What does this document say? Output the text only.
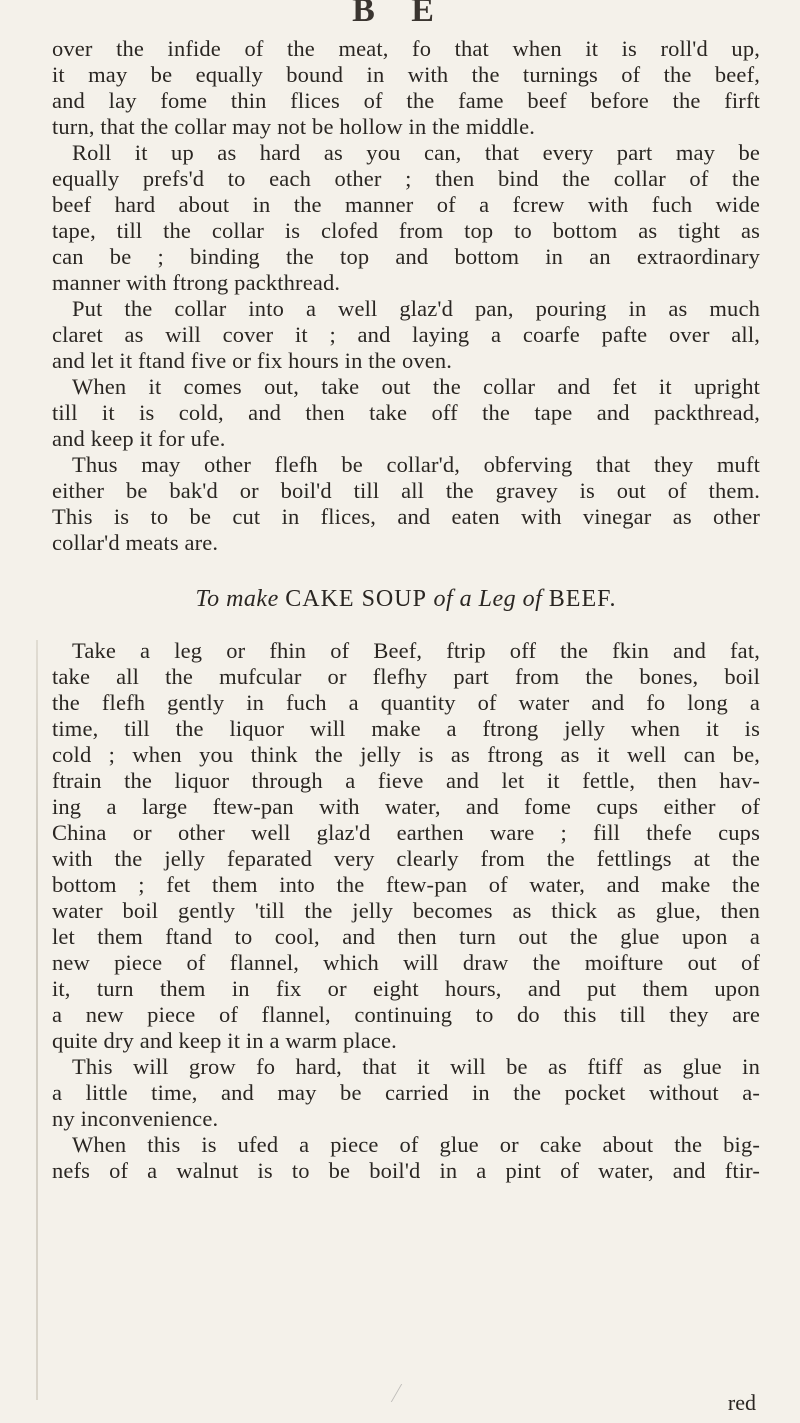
B E
over the infide of the meat, fo that when it is roll'd up,
it may be equally bound in with the turnings of the beef,
and lay fome thin flices of the fame beef before the firft
turn, that the collar may not be hollow in the middle.
Roll it up as hard as you can, that every part may be
equally prefs'd to each other ; then bind the collar of the
beef hard about in the manner of a fcrew with fuch wide
tape, till the collar is clofed from top to bottom as tight as
can be ; binding the top and bottom in an extraordinary
manner with ftrong packthread.
Put the collar into a well glaz'd pan, pouring in as much
claret as will cover it ; and laying a coarfe pafte over all,
and let it ftand five or fix hours in the oven.
When it comes out, take out the collar and fet it upright
till it is cold, and then take off the tape and packthread,
and keep it for ufe.
Thus may other flefh be collar'd, obferving that they muft
either be bak'd or boil'd till all the gravey is out of them.
This is to be cut in flices, and eaten with vinegar as other
collar'd meats are.
To make CAKE SOUP of a Leg of BEEF.
Take a leg or fhin of Beef, ftrip off the fkin and fat,
take all the mufcular or flefhy part from the bones, boil
the flefh gently in fuch a quantity of water and fo long a
time, till the liquor will make a ftrong jelly when it is
cold ; when you think the jelly is as ftrong as it well can be,
ftrain the liquor through a fieve and let it fettle, then hav-
ing a large ftew-pan with water, and fome cups either of
China or other well glaz'd earthen ware ; fill thefe cups
with the jelly feparated very clearly from the fettlings at the
bottom ; fet them into the ftew-pan of water, and make the
water boil gently 'till the jelly becomes as thick as glue, then
let them ftand to cool, and then turn out the glue upon a
new piece of flannel, which will draw the moifture out of
it, turn them in fix or eight hours, and put them upon
a new piece of flannel, continuing to do this till they are
quite dry and keep it in a warm place.
This will grow fo hard, that it will be as ftiff as glue in
a little time, and may be carried in the pocket without a-
ny inconvenience.
When this is ufed a piece of glue or cake about the big-
nefs of a walnut is to be boil'd in a pint of water, and ftir-
red
